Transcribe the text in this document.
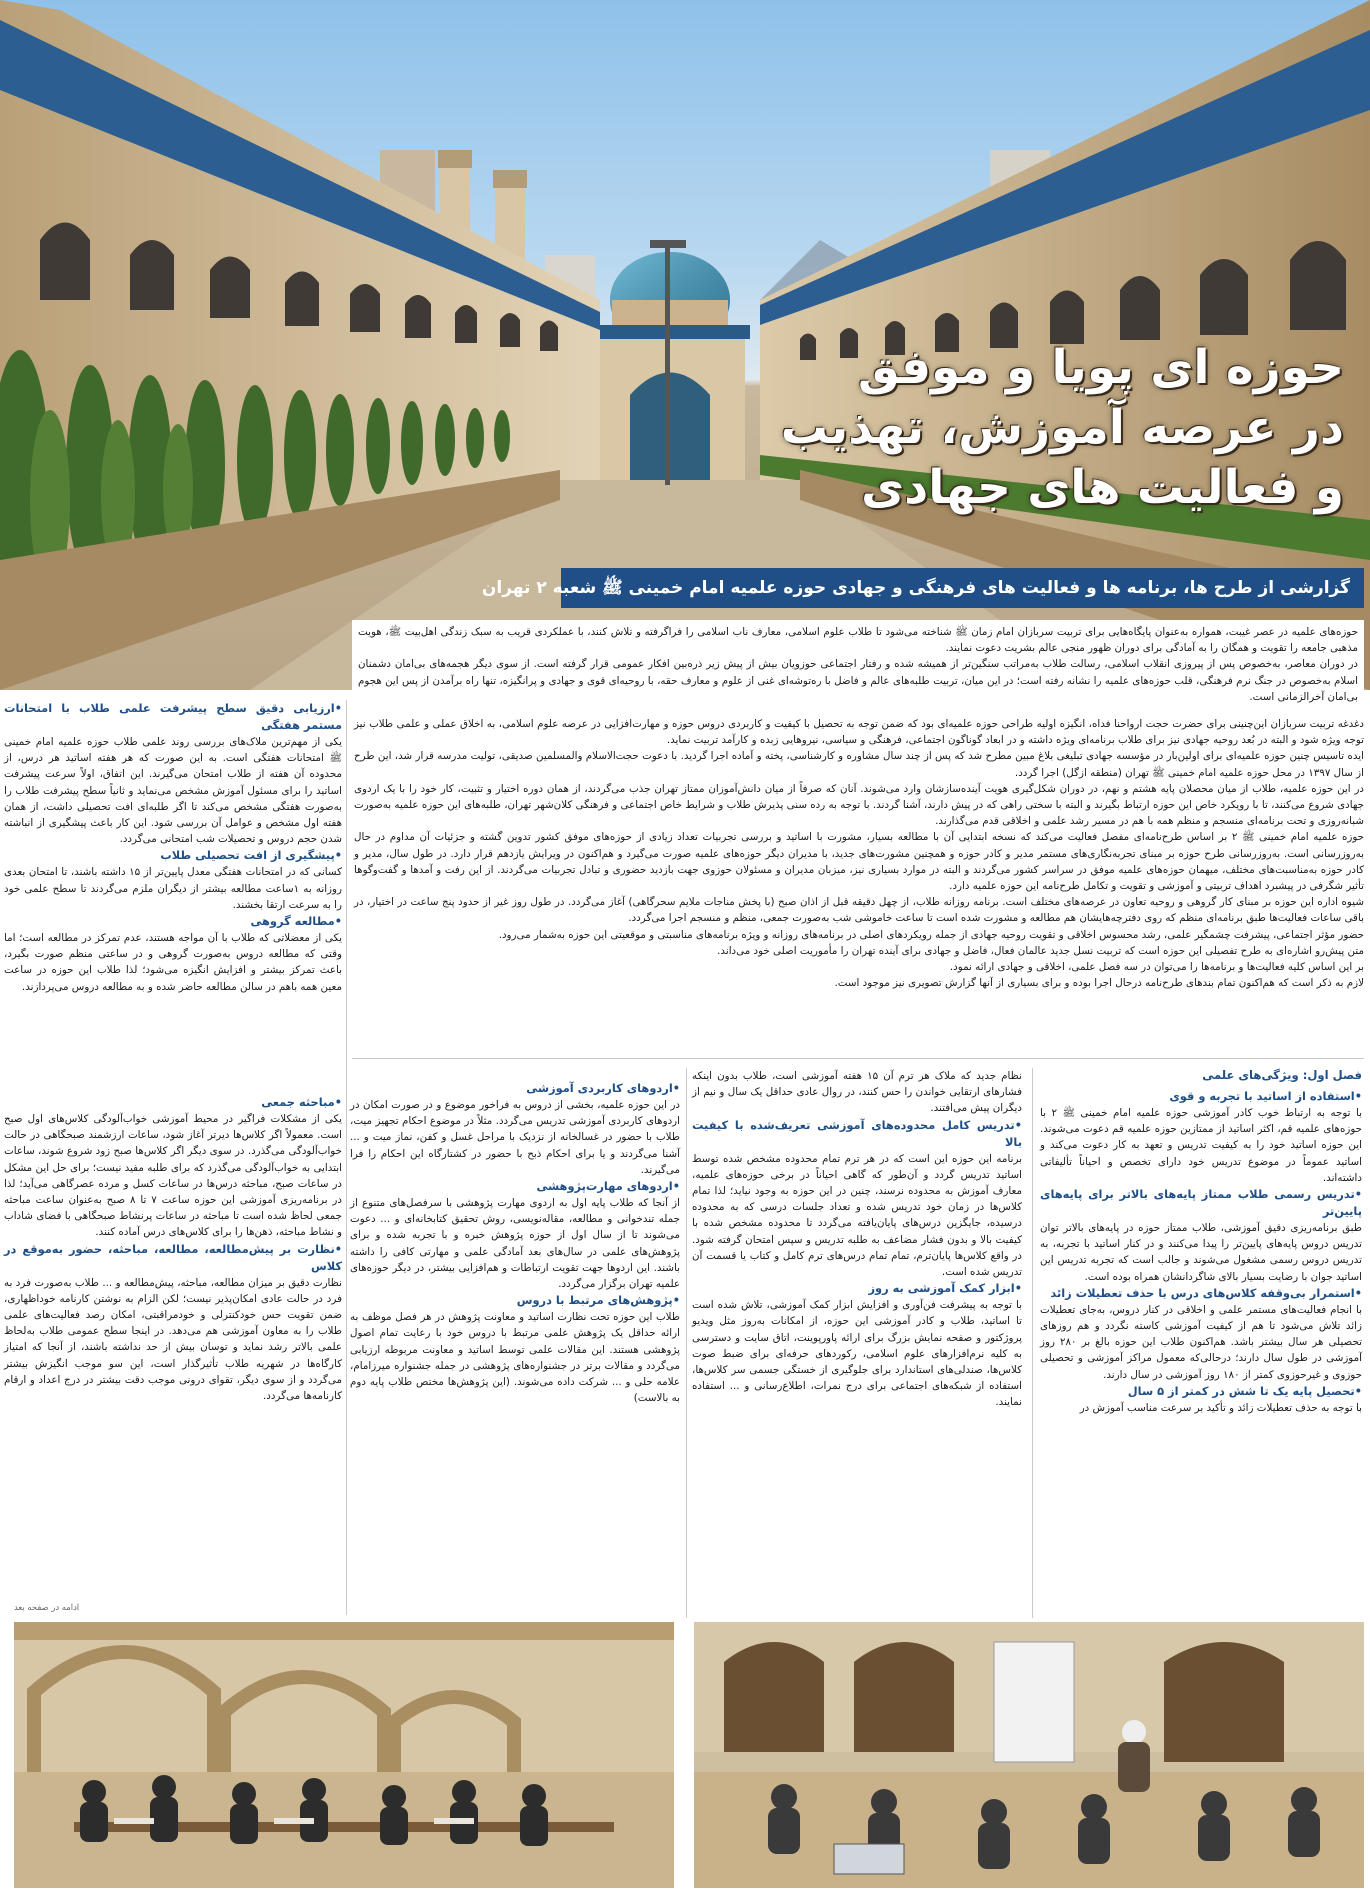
حوزه ای پویا و موفق
در عرصه آموزش، تهذیب
و فعالیت های جهادی
گزارشی از طرح ها، برنامه ها و فعالیت های فرهنگی و جهادی حوزه علمیه امام خمینی ﷺ شعبه ۲ تهران

حوزه‌های علمیه در عصر غیبت، همواره به‌عنوان پایگاه‌هایی برای تربیت سربازان امام زمان ﷺ شناخته می‌شود تا طلاب علوم اسلامی، معارف ناب اسلامی را فراگرفته و تلاش کنند، با عملکردی قریب به سبک زندگی اهل‌بیت ﷺ، هویت مذهبی جامعه را تقویت و همگان را به آمادگی برای دوران ظهور منجی عالم بشریت دعوت نمایند.

در دوران معاصر، به‌خصوص پس از پیروزی انقلاب اسلامی، رسالت طلاب به‌مراتب سنگین‌تر از همیشه شده و رفتار اجتماعی حوزویان بیش از پیش زیر ذره‌بین افکار عمومی قرار گرفته است. از سوی دیگر هجمه‌های بی‌امان دشمنان اسلام به‌خصوص در جنگ نرم فرهنگی، قلب حوزه‌های علمیه را نشانه رفته است؛ در این میان، تربیت طلبه‌های عالم و فاضل با ره‌توشه‌ای غنی از علوم و معارف حقه، با روحیه‌ای قوی و جهادی و پرانگیزه، تنها راه برآمدن از پس این هجوم بی‌امان آخرالزمانی است.

دغدغه تربیت سربازان این‌چنینی برای حضرت حجت ارواحنا فداه، انگیزه اولیه طراحی حوزه علمیه‌ای بود که ضمن توجه به تحصیل با کیفیت و کاربردی دروس حوزه و مهارت‌افزایی در عرصه علوم اسلامی، به اخلاق عملی و علمی طلاب نیز توجه ویژه شود و البته در بُعد روحیه جهادی نیز برای طلاب برنامه‌ای ویژه داشته و در ابعاد گوناگون اجتماعی، فرهنگی و سیاسی، نیروهایی زبده و کارآمد تربیت نماید.

ایده تاسیس چنین حوزه علمیه‌ای برای اولین‌بار در مؤسسه جهادی تبلیغی بلاغ مبین مطرح شد که پس از چند سال مشاوره و کارشناسی، پخته و آماده اجرا گردید. با دعوت حجت‌الاسلام والمسلمین صدیقی، تولیت مدرسه قرار شد، این طرح از سال ۱۳۹۷ در محل حوزه علمیه امام خمینی ﷺ تهران (منطقه ازگل) اجرا گردد.

در این حوزه علمیه، طلاب از میان محصلان پایه هشتم و نهم، در دوران شکل‌گیری هویت آینده‌سازشان وارد می‌شوند. آنان که صرفاً از میان دانش‌آموزان ممتاز تهران جذب می‌گردند، از همان دوره اختیار و تثبیت، کار خود را با یک اردوی جهادی شروع می‌کنند، تا با رویکرد خاص این حوزه ارتباط بگیرند و البته با سختی راهی که در پیش دارند، آشنا گردند. با توجه به رده سنی پذیرش طلاب و شرایط خاص اجتماعی و فرهنگی کلان‌شهر تهران، طلبه‌های این حوزه علمیه به‌صورت شبانه‌روزی و تحت برنامه‌ای منسجم و منظم همه با هم در مسیر رشد علمی و اخلاقی قدم می‌گذارند.

حوزه علمیه امام خمینی ﷺ ۲ بر اساس طرح‌نامه‌ای مفصل فعالیت می‌کند که نسخه ابتدایی آن با مطالعه بسیار، مشورت با اساتید و بررسی تجربیات تعداد زیادی از حوزه‌های موفق کشور تدوین گشته و جزئیات آن مداوم در حال به‌روزرسانی است. به‌روزرسانی طرح حوزه بر مبنای تجربه‌نگاری‌های مستمر مدیر و کادر حوزه و همچنین مشورت‌های جدید، با مدیران دیگر حوزه‌های علمیه صورت می‌گیرد و هم‌اکنون در ویرایش یازدهم قرار دارد. در طول سال، مدیر و کادر حوزه به‌مناسبت‌های مختلف، میهمان حوزه‌های علمیه موفق در سراسر کشور می‌گردند و البته در موارد بسیاری نیز، میزبان مدیران و مسئولان حوزوی جهت بازدید حضوری و تبادل تجربیات می‌گردند. از این رفت و آمدها و گفت‌وگوها تأثیر شگرفی در پیشبرد اهداف تربیتی و آموزشی و تقویت و تکامل طرح‌نامه این حوزه علمیه دارد.

شیوه اداره این حوزه بر مبنای کار گروهی و روحیه تعاون در عرصه‌های مختلف است. برنامه روزانه طلاب، از چهل دقیقه قبل از اذان صبح (با پخش مناجات ملایم سحرگاهی) آغاز می‌گردد. در طول روز غیر از حدود پنج ساعت در اختیار، در باقی ساعات فعالیت‌ها طبق برنامه‌ای منظم که روی دفترچه‌هایشان هم مطالعه و مشورت شده است تا ساعت خاموشی شب به‌صورت جمعی، منظم و منسجم اجرا می‌گردد.

حضور مؤثر اجتماعی، پیشرفت چشمگیر علمی، رشد محسوس اخلاقی و تقویت روحیه جهادی از جمله رویکردهای اصلی در برنامه‌های روزانه و ویژه برنامه‌های مناسبتی و موقعیتی این حوزه به‌شمار می‌رود.

متن پیش‌رو اشاره‌ای به طرح تفصیلی این حوزه است که تربیت نسل جدید عالمان فعال، فاضل و جهادی برای آینده تهران را مأموریت اصلی خود می‌داند.

بر این اساس کلیه فعالیت‌ها و برنامه‌ها را می‌توان در سه فصل علمی، اخلاقی و جهادی ارائه نمود.

لازم به ذکر است که هم‌اکنون تمام بندهای طرح‌نامه درحال اجرا بوده و برای بسیاری از آنها گزارش تصویری نیز موجود است.

• ارزیابی دقیق سطح پیشرفت علمی طلاب با امتحانات مستمر هفتگی

یکی از مهم‌ترین ملاک‌های بررسی روند علمی طلاب حوزه علمیه امام خمینی ﷺ امتحانات هفتگی است. به این صورت که هر هفته اساتید هر درس، از محدوده آن هفته از طلاب امتحان می‌گیرند. این اتفاق، اولاً سرعت پیشرفت اساتید را برای مسئول آموزش مشخص می‌نماید و ثانیاً سطح پیشرفت طلاب را به‌صورت هفتگی مشخص می‌کند تا اگر طلبه‌ای افت تحصیلی داشت، از همان هفته اول مشخص و عوامل آن بررسی شود. این کار باعث پیشگیری از انباشته شدن حجم دروس و تحصیلات شب امتحانی می‌گردد.

• پیشگیری از افت تحصیلی طلاب

کسانی که در امتحانات هفتگی معدل پایین‌تر از ۱۵ داشته باشند، تا امتحان بعدی روزانه به ۱ساعت مطالعه بیشتر از دیگران ملزم می‌گردند تا سطح علمی خود را به سرعت ارتقا بخشند.

• مطالعه گروهی

یکی از معضلاتی که طلاب با آن مواجه هستند، عدم تمرکز در مطالعه است؛ اما وقتی که مطالعه دروس به‌صورت گروهی و در ساعتی منظم صورت بگیرد، باعث تمرکز بیشتر و افزایش انگیزه می‌شود؛ لذا طلاب این حوزه در ساعت معین همه باهم در سالن مطالعه حاضر شده و به مطالعه دروس می‌پردازند.

فصل اول: ویژگی‌های علمی
• استفاده از اساتید با تجربه و قوی

با توجه به ارتباط خوب کادر آموزشی حوزه علمیه امام خمینی ﷺ ۲ با حوزه‌های علمیه قم، اکثر اساتید از ممتازین حوزه علمیه قم دعوت می‌شوند. این حوزه اساتید خود را به کیفیت تدریس و تعهد به کار دعوت می‌کند و اساتید عموماً در موضوع تدریس خود دارای تخصص و احیاناً تألیفاتی داشته‌اند.

• تدریس رسمی طلاب ممتاز پایه‌های بالاتر برای پایه‌های پایین‌تر

طبق برنامه‌ریزی دقیق آموزشی، طلاب ممتاز حوزه در پایه‌های بالاتر توان تدریس دروس پایه‌های پایین‌تر را پیدا می‌کنند و در کنار اساتید با تجربه، به تدریس دروس رسمی مشغول می‌شوند و جالب است که تجربه تدریس این اساتید جوان با رضایت بسیار بالای شاگردانشان همراه بوده است.

• استمرار بی‌وقفه کلاس‌های درس با حذف تعطیلات زائد

با انجام فعالیت‌های مستمر علمی و اخلاقی در کنار دروس، به‌جای تعطیلات زائد تلاش می‌شود تا هم از کیفیت آموزشی کاسته نگردد و هم روزهای تحصیلی هر سال بیشتر باشد. هم‌اکنون طلاب این حوزه بالغ بر ۲۸۰ روز آموزشی در طول سال دارند؛ درحالی‌که معمول مراکز آموزشی و تحصیلی حوزوی و غیرحوزوی کمتر از ۱۸۰ روز آموزشی در سال دارند.

• تحصیل پایه یک تا شش در کمتر از ۵ سال

با توجه به حذف تعطیلات زائد و تأکید بر سرعت مناسب آموزش در

نظام جدید که ملاک هر ترم آن ۱۵ هفته آموزشی است، طلاب بدون اینکه فشارهای ارتقایی خواندن را حس کنند، در روال عادی حداقل یک سال و نیم از دیگران پیش می‌افتند.

• تدریس کامل محدوده‌های آموزشی تعریف‌شده با کیفیت بالا

برنامه این حوزه این است که در هر ترم تمام محدوده مشخص شده توسط اساتید تدریس گردد و آن‌طور که گاهی احیاناً در برخی حوزه‌های علمیه، معارف آموزش به محدوده نرسند، چنین در این حوزه به وجود نیاید؛ لذا تمام کلاس‌ها در زمان خود تدریس شده و تعداد جلسات درسی که به محدوده درسیده، جایگزین درس‌های پایان‌یافته می‌گردد تا محدوده مشخص شده با کیفیت بالا و بدون فشار مضاعف به طلبه تدریس و سپس امتحان گرفته شود. در واقع کلاس‌ها پایان‌ترم، تمام تمام درس‌های ترم کامل و کتاب یا قسمت آن تدریس شده است.

• ابزار کمک آموزشی به روز

با توجه به پیشرفت فن‌آوری و افزایش ابزار کمک آموزشی، تلاش شده است تا اساتید، طلاب و کادر آموزشی این حوزه، از امکانات به‌روز مثل ویدیو پروژکتور و صفحه نمایش بزرگ برای ارائه پاورپوینت، اتاق سایت و دسترسی به کلیه نرم‌افزارهای علوم اسلامی، رکوردهای حرفه‌ای برای ضبط صوت کلاس‌ها، صندلی‌های استاندارد برای جلوگیری از خستگی جسمی سر کلاس‌ها، استفاده از شبکه‌های اجتماعی برای درج نمرات، اطلاع‌رسانی و ... استفاده نمایند.

• اردوهای کاربردی آموزشی

در این حوزه علمیه، بخشی از دروس به فراخور موضوع و در صورت امکان در اردوهای کاربردی آموزشی تدریس می‌گردد. مثلاً در موضوع احکام تجهیز میت، طلاب با حضور در غسالخانه از نزدیک با مراحل غسل و کفن، نماز میت و ... آشنا می‌گردند و یا برای احکام ذبح با حضور در کشتارگاه این احکام را فرا می‌گیرند.

• اردوهای مهارت‌پژوهشی

از آنجا که طلاب پایه اول به اردوی مهارت پژوهشی با سرفصل‌های متنوع از جمله تندخوانی و مطالعه، مقاله‌نویسی، روش تحقیق کتابخانه‌ای و ... دعوت می‌شوند تا از سال اول از حوزه پژوهش خبره و با تجربه شده و برای پژوهش‌های علمی در سال‌های بعد آمادگی علمی و مهارتی کافی را داشته باشند. این اردوها جهت تقویت ارتباطات و هم‌افزایی بیشتر، در دیگر حوزه‌های علمیه تهران برگزار می‌گردد.

• پژوهش‌های مرتبط با دروس

طلاب این حوزه تحت نظارت اساتید و معاونت پژوهش در هر فصل موظف به ارائه حداقل یک پژوهش علمی مرتبط با دروس خود با رعایت تمام اصول پژوهشی هستند. این مقالات علمی توسط اساتید و معاونت مربوطه ارزیابی می‌گردد و مقالات برتر در جشنواره‌های پژوهشی در جمله جشنواره میرزامام، علامه حلی و ... شرکت داده می‌شوند. (این پژوهش‌ها مختص طلاب پایه دوم به بالاست)

• مباحثه جمعی

یکی از مشکلات فراگیر در محیط آموزشی خواب‌آلودگی کلاس‌های اول صبح است. معمولاً اگر کلاس‌ها دیرتر آغاز شود، ساعات ارزشمند صبحگاهی در حالت خواب‌آلودگی می‌گذرد. در سوی دیگر اگر کلاس‌ها صبح زود شروع شوند، ساعات ابتدایی به خواب‌آلودگی می‌گذرد که برای طلبه مفید نیست؛ برای حل این مشکل در ساعات صبح، مباحثه درس‌ها در ساعات کسل و مرده عصرگاهی می‌آید؛ لذا در برنامه‌ریزی آموزشی این حوزه ساعت ۷ تا ۸ صبح به‌عنوان ساعت مباحثه جمعی لحاظ شده است تا مباحثه در ساعات پرنشاط صبحگاهی با فضای شاداب و نشاط مباحثه، ذهن‌ها را برای کلاس‌های درس آماده کنند.

• نظارت بر پیش‌مطالعه، مطالعه، مباحثه، حضور به‌موقع در کلاس

نظارت دقیق بر میزان مطالعه، مباحثه، پیش‌مطالعه و ... طلاب به‌صورت فرد به فرد در حالت عادی امکان‌پذیر نیست؛ لکن الزام به نوشتن کارنامه خوداظهاری، ضمن تقویت حس خودکنترلی و خودمراقبتی، امکان رصد فعالیت‌های علمی طلاب را به معاون آموزشی هم می‌دهد. در اینجا سطح عمومی طلاب به‌لحاظ علمی بالاتر رشد نماید و توسان بیش از حد نداشته باشند، از آنجا که امتیاز کارگاه‌ها در شهریه طلاب تأثیرگذار است، این سو موجب انگیزش بیشتر می‌گردد و از سوی دیگر، تقوای درونی موجب دقت بیشتر در درج اعداد و ارقام کارنامه‌ها می‌گردد.

ادامه در صفحه بعد
